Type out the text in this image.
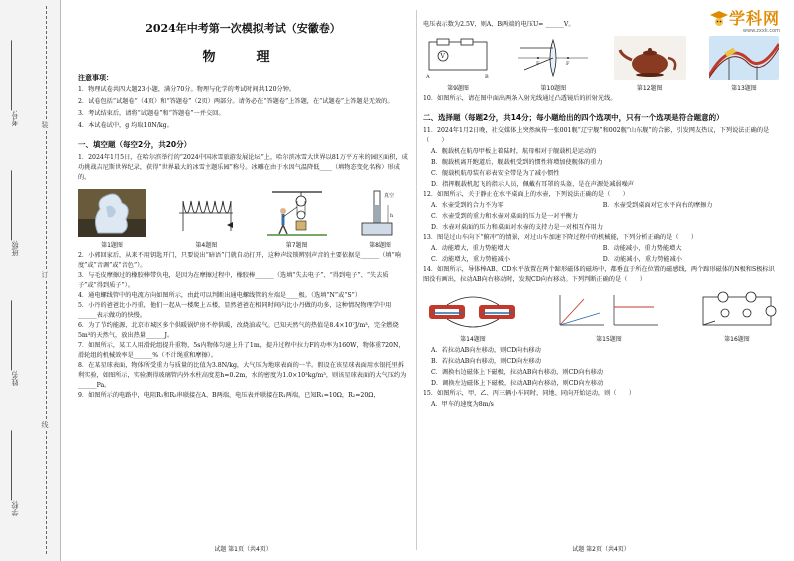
考号:
班级:
姓名:
学校:
装
订
线
2024年中考第一次模拟考试（安徽卷）
物　理
注意事项：

1．物理试卷共四大题23小题，满分70分。物理与化学的考试时间共120分钟。

2．试卷包括“试题卷”（4页）和“答题卷”（2页）两部分。请务必在“答题卷”上答题，在“试题卷”上答题是无效的。

3．考试结束后，请将“试题卷”和“答题卷”一并交回。

4．本试卷试中，g 均取10N/kg。

一、填空题（每空2分，共20分）

1．2024年1月5日，在哈尔滨举行的“2024中国冰雪旅游发展论坛”上，哈尔滨冰雪大世界以81万平方米的园区面积，成功挑战吉尼斯世界纪录，获得“世界最大的冰雪主题乐园”称号。冰雕在由于水因气温降低____（填物态变化名称）形成的。

第1题图	第4题图	第7题图
h
真空
第8题图

2．小郭回家后，从来不用钥匙开门，只要说出“暗语”门就自动打开，这种声纹锁辨别声音的主要依据是______（填“响度”或“音调”或“音色”）。

3．与毛皮摩擦过的橡胶棒带负电，是因为在摩擦过程中，橡胶棒______（选填“失去电子”、“得到电子”、“失去质子”或“得到质子”）。

4．通电螺线管中的电流方向如图所示，由此可以判断出通电螺线管的左端是____极。（选填“N”或“S”）

5．小丹的爸爸比小丹重，他们一起从一楼爬上五楼，显然爸爸在相同时间内比小丹做的功多，这种情况物理学中用______表示做功的快慢。

6．为了节约能源，北京市城区多个供暖锅炉房不停供暖，改烧油或气。已知天然气的热值是8.4×10⁷J/m³，完全燃烧5m³的天然气，放出热量______J。

7．如图所示，某工人用滑轮组提升重物，5s内物体匀速上升了1m，提升过程中拉力F的功率为160W，物体重720N，滑轮组的机械效率是______%（不计绳重和摩擦）。

8．在某星球表面，物体所受重力与质量的比值为3.8N/kg，大气压为地球表面的一半。假设在该星球表面用水银托里拆利实验，如图所示，实验测得玻璃管内外水柱高度差h=0.2m，水的密度为1.0×10³kg/m³，则该星球表面的大气压约为______Pa。

9．如图所示的电路中，电阻R₁和R₂串联接在A、B两端，电压表并联接在R₁两端，已知R₁=10Ω，R₂=20Ω，

试题 第1页（共4页）

电压表示数为2.5V，则A、B两端的电压U= ______V。

V
A	B
第9题图
F	F
第10题图	第12题图	第13题图

10．如图所示，请在图中面出两条入射光线通过凸透镜后的折射光线。

二、选择题（每题2分，共14分；每小题给出的四个选项中，只有一个选项是符合题意的）

11．2024年1月2日晚，社交媒体上突然疯传一张001舰“辽宁舰”和002舰“山东舰”的合影，引发网友热议，下列说法正确的是（　　）

A．舰载机在航母甲板上着陆时，航母相对于舰载机是运动的
B．舰载机离开跑道后，舰载机受到的惯性将增加使舰体的重力
C．舰载机航母装有彩表安全带是为了减小惯性
D．指挥舰载机起飞的指示人员，佩戴有耳罩的头盔，是在声源处减弱噪声

12．如图所示，关于静止在水平桌面上的水壶，下列说法正确的是（　　）

A．水壶受到的合力不为零	B．水壶受到桌面对它水平向右的摩擦力
C．水壶受到的重力和水壶对桌面的压力是一对平衡力
D．水壶对桌面的压力和桌面对水壶的支持力是一对相互作用力

13．图是过山车向下“俯冲”的情景，对过山车加速下降过程中的机械能，下列分析正确的是（　　）

A．动能增大，重力势能增大	B．动能减小，重力势能增大
C．动能增大，重力势能减小	D．动能减小，重力势能减小

14．如图所示，导体棒AB、CD水平放置在两个蹄形磁体的磁场中，都垂直于所在位置的磁感线，两个蹄形磁体的N极和S极标识图没有画出，拉动AB向右移动时，发现CD向右移动。下列判断正确的是（　　）

第14题图	第15题图	第16题图
A．若拉动AB向左移动，则CD向右移动
B．若拉动AB向右移动，则CD向左移动
C．调换右边磁体上下磁极，拉动AB向右移动，则CD向右移动
D．调换左边磁体上下磁极，拉动AB向右移动，则CD向左移动

15．如图所示，甲、乙、丙三辆小车同时、同地、同向开始运动，则（　　）

A．甲车的速度为8m/s
试题 第2页（共4页）
学科网
www.zxxk.com
